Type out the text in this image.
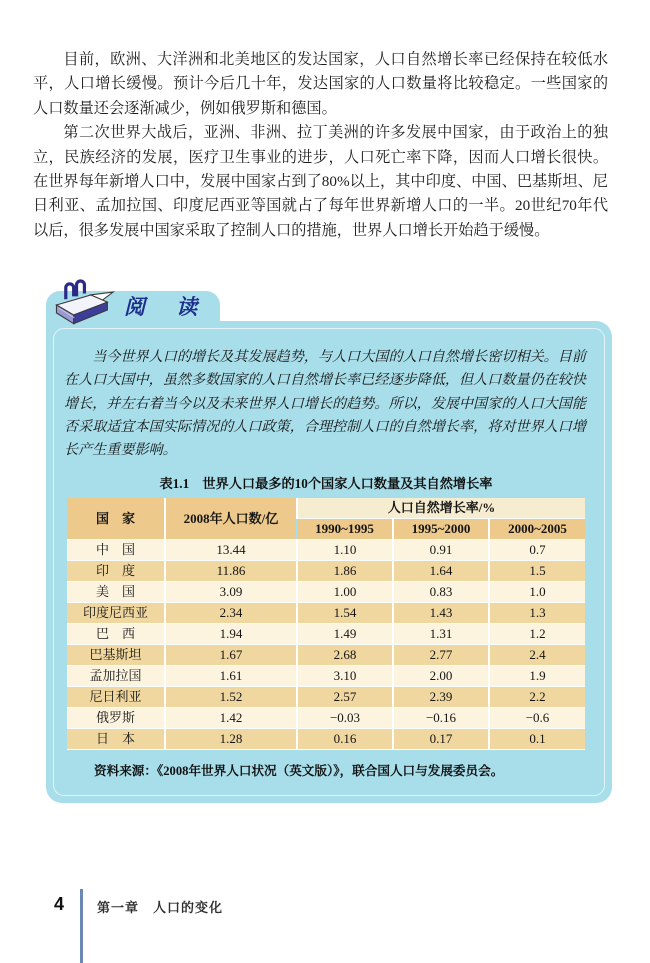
目前，欧洲、大洋洲和北美地区的发达国家，人口自然增长率已经保持在较低水平，人口增长缓慢。预计今后几十年，发达国家的人口数量将比较稳定。一些国家的人口数量还会逐渐减少，例如俄罗斯和德国。

第二次世界大战后，亚洲、非洲、拉丁美洲的许多发展中国家，由于政治上的独立，民族经济的发展，医疗卫生事业的进步，人口死亡率下降，因而人口增长很快。在世界每年新增人口中，发展中国家占到了80%以上，其中印度、中国、巴基斯坦、尼日利亚、孟加拉国、印度尼西亚等国就占了每年世界新增人口的一半。20世纪70年代以后，很多发展中国家采取了控制人口的措施，世界人口增长开始趋于缓慢。

阅 读

当今世界人口的增长及其发展趋势，与人口大国的人口自然增长密切相关。目前在人口大国中，虽然多数国家的人口自然增长率已经逐步降低，但人口数量仍在较快增长，并左右着当今以及未来世界人口增长的趋势。所以，发展中国家的人口大国能否采取适宜本国实际情况的人口政策，合理控制人口的自然增长率，将对世界人口增长产生重要影响。

表1.1　世界人口最多的10个国家人口数量及其自然增长率
国　家	2008年人口数/亿	人口自然增长率/%		
		1990~1995	1995~2000	2000~2005
中　国	13.44	1.10	0.91	0.7
印　度	11.86	1.86	1.64	1.5
美　国	3.09	1.00	0.83	1.0
印度尼西亚	2.34	1.54	1.43	1.3
巴　西	1.94	1.49	1.31	1.2
巴基斯坦	1.67	2.68	2.77	2.4
孟加拉国	1.61	3.10	2.00	1.9
尼日利亚	1.52	2.57	2.39	2.2
俄罗斯	1.42	−0.03	−0.16	−0.6
日　本	1.28	0.16	0.17	0.1

资料来源：《2008年世界人口状况（英文版）》，联合国人口与发展委员会。

4	第一章　人口的变化
